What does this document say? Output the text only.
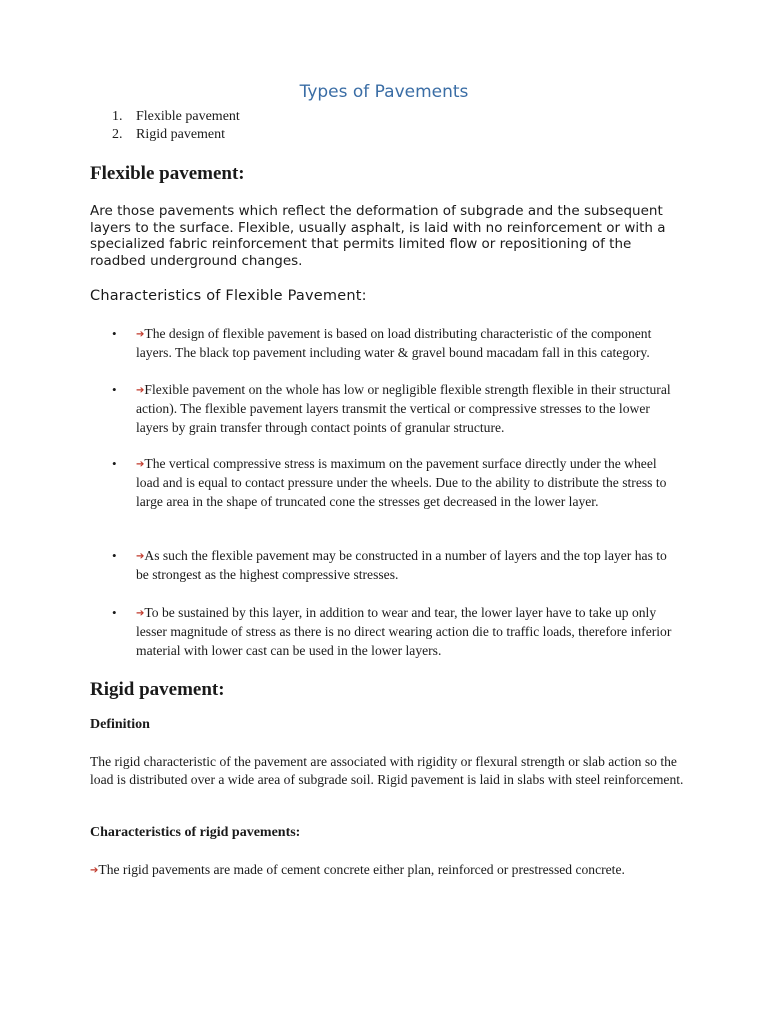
Types of Pavements
1. Flexible pavement
2. Rigid pavement
Flexible pavement:

Are those pavements which reflect the deformation of subgrade and the subsequent layers to the surface. Flexible, usually asphalt, is laid with no reinforcement or with a specialized fabric reinforcement that permits limited flow or repositioning of the roadbed underground changes.

Characteristics of Flexible Pavement:
• ➔The design of flexible pavement is based on load distributing characteristic of the component layers. The black top pavement including water & gravel bound macadam fall in this category.
• ➔Flexible pavement on the whole has low or negligible flexible strength flexible in their structural action). The flexible pavement layers transmit the vertical or compressive stresses to the lower layers by grain transfer through contact points of granular structure.
• ➔The vertical compressive stress is maximum on the pavement surface directly under the wheel load and is equal to contact pressure under the wheels. Due to the ability to distribute the stress to large area in the shape of truncated cone the stresses get decreased in the lower layer.
• ➔As such the flexible pavement may be constructed in a number of layers and the top layer has to be strongest as the highest compressive stresses.
• ➔To be sustained by this layer, in addition to wear and tear, the lower layer have to take up only lesser magnitude of stress as there is no direct wearing action die to traffic loads, therefore inferior material with lower cast can be used in the lower layers.
Rigid pavement:
Definition

The rigid characteristic of the pavement are associated with rigidity or flexural strength or slab action so the load is distributed over a wide area of subgrade soil. Rigid pavement is laid in slabs with steel reinforcement.

Characteristics of rigid pavements:

➔The rigid pavements are made of cement concrete either plan, reinforced or prestressed concrete.
